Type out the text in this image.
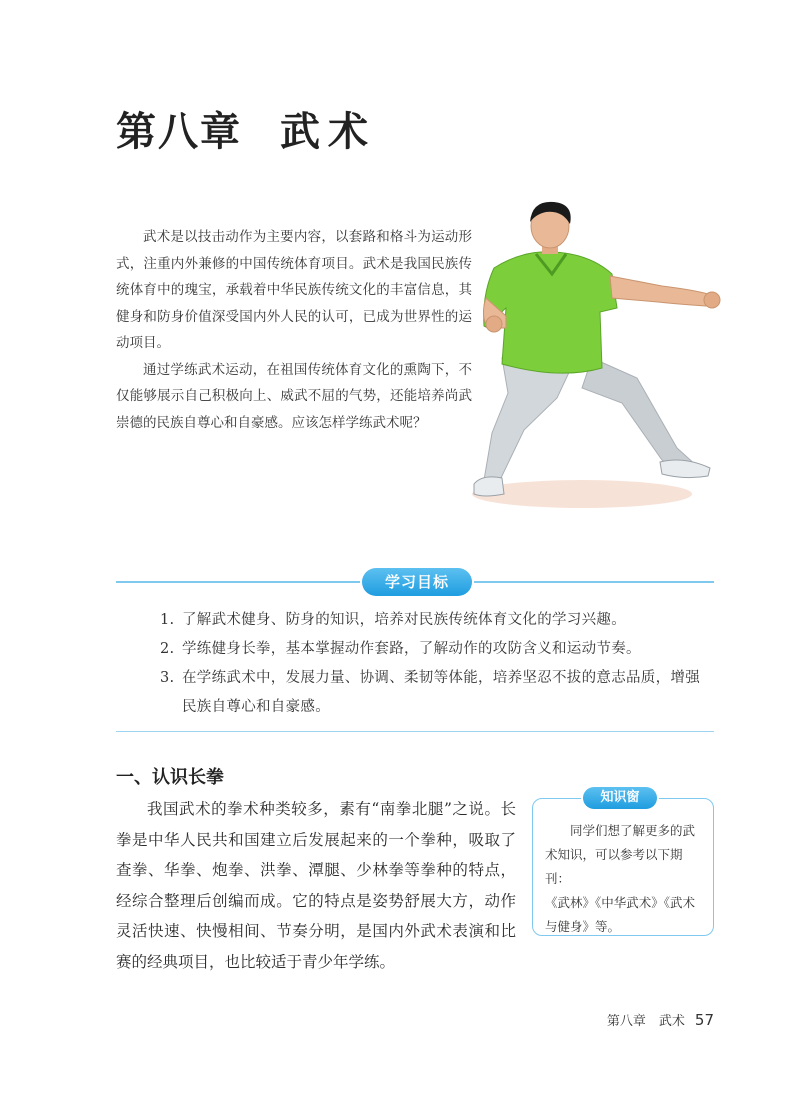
第八章 武术

武术是以技击动作为主要内容，以套路和格斗为运动形式，注重内外兼修的中国传统体育项目。武术是我国民族传统体育中的瑰宝，承载着中华民族传统文化的丰富信息，其健身和防身价值深受国内外人民的认可，已成为世界性的运动项目。

通过学练武术运动，在祖国传统体育文化的熏陶下，不仅能够展示自己积极向上、威武不屈的气势，还能培养尚武崇德的民族自尊心和自豪感。应该怎样学练武术呢？

学习目标
1. 了解武术健身、防身的知识，培养对民族传统体育文化的学习兴趣。
2. 学练健身长拳，基本掌握动作套路，了解动作的攻防含义和运动节奏。
3. 在学练武术中，发展力量、协调、柔韧等体能，培养坚忍不拔的意志品质，增强民族自尊心和自豪感。
一、认识长拳

我国武术的拳术种类较多，素有“南拳北腿”之说。长拳是中华人民共和国建立后发展起来的一个拳种，吸取了查拳、华拳、炮拳、洪拳、潭腿、少林拳等拳种的特点，经综合整理后创编而成。它的特点是姿势舒展大方，动作灵活快速、快慢相间、节奏分明，是国内外武术表演和比赛的经典项目，也比较适于青少年学练。

知识窗

同学们想了解更多的武术知识，可以参考以下期刊：

《武林》《中华武术》《武术与健身》等。

第八章　武术 57
